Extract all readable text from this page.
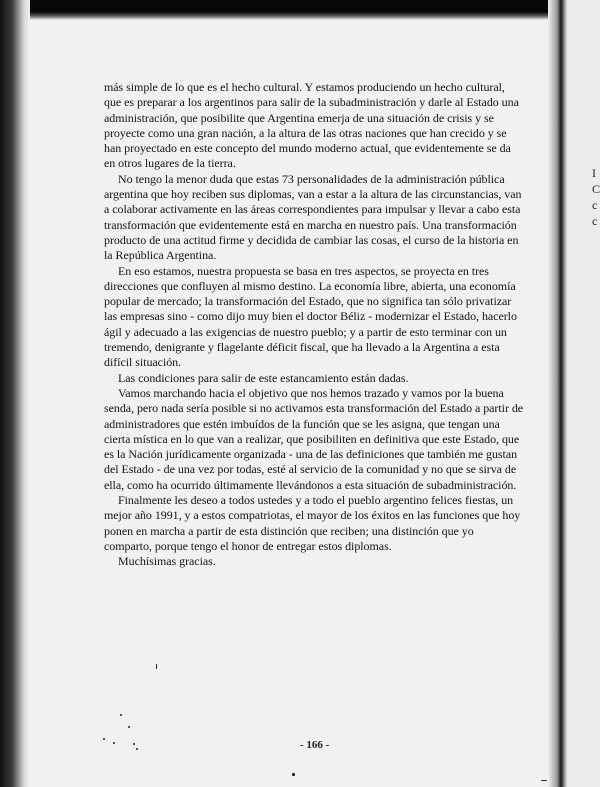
I
C
c
c

más simple de lo que es el hecho cultural. Y estamos produciendo un hecho cultural, que es preparar a los argentinos para salir de la subadministración y darle al Estado una administración, que posibilite que Argentina emerja de una situación de crisis y se proyecte como una gran nación, a la altura de las otras naciones que han crecido y se han proyectado en este concepto del mundo moderno actual, que evidentemente se da en otros lugares de la tierra.

No tengo la menor duda que estas 73 personalidades de la administración pública argentina que hoy reciben sus diplomas, van a estar a la altura de las circunstancias, van a colaborar activamente en las áreas correspondientes para impulsar y llevar a cabo esta transformación que evidentemente está en marcha en nuestro país. Una transformación producto de una actitud firme y decidida de cambiar las cosas, el curso de la historia en la República Argentina.

En eso estamos, nuestra propuesta se basa en tres aspectos, se proyecta en tres direcciones que confluyen al mismo destino. La economía libre, abierta, una economía popular de mercado; la transformación del Estado, que no significa tan sólo privatizar las empresas sino - como dijo muy bien el doctor Béliz - modernizar el Estado, hacerlo ágil y adecuado a las exigencias de nuestro pueblo; y a partir de esto terminar con un tremendo, denigrante y flagelante déficit fiscal, que ha llevado a la Argentina a esta difícil situación.

Las condiciones para salir de este estancamiento están dadas.

Vamos marchando hacia el objetivo que nos hemos trazado y vamos por la buena senda, pero nada sería posible si no activamos esta transformación del Estado a partir de administradores que estén imbuídos de la función que se les asigna, que tengan una cierta mística en lo que van a realizar, que posibiliten en definitiva que este Estado, que es la Nación jurídicamente organizada - una de las definiciones que también me gustan del Estado - de una vez por todas, esté al servicio de la comunidad y no que se sirva de ella, como ha ocurrido últimamente llevándonos a esta situación de subadministración.

Finalmente les deseo a todos ustedes y a todo el pueblo argentino felices fiestas, un mejor año 1991, y a estos compatriotas, el mayor de los éxitos en las funciones que hoy ponen en marcha a partir de esta distinción que reciben; una distinción que yo comparto, porque tengo el honor de entregar estos diplomas.

Muchísimas gracias.

- 166 -
